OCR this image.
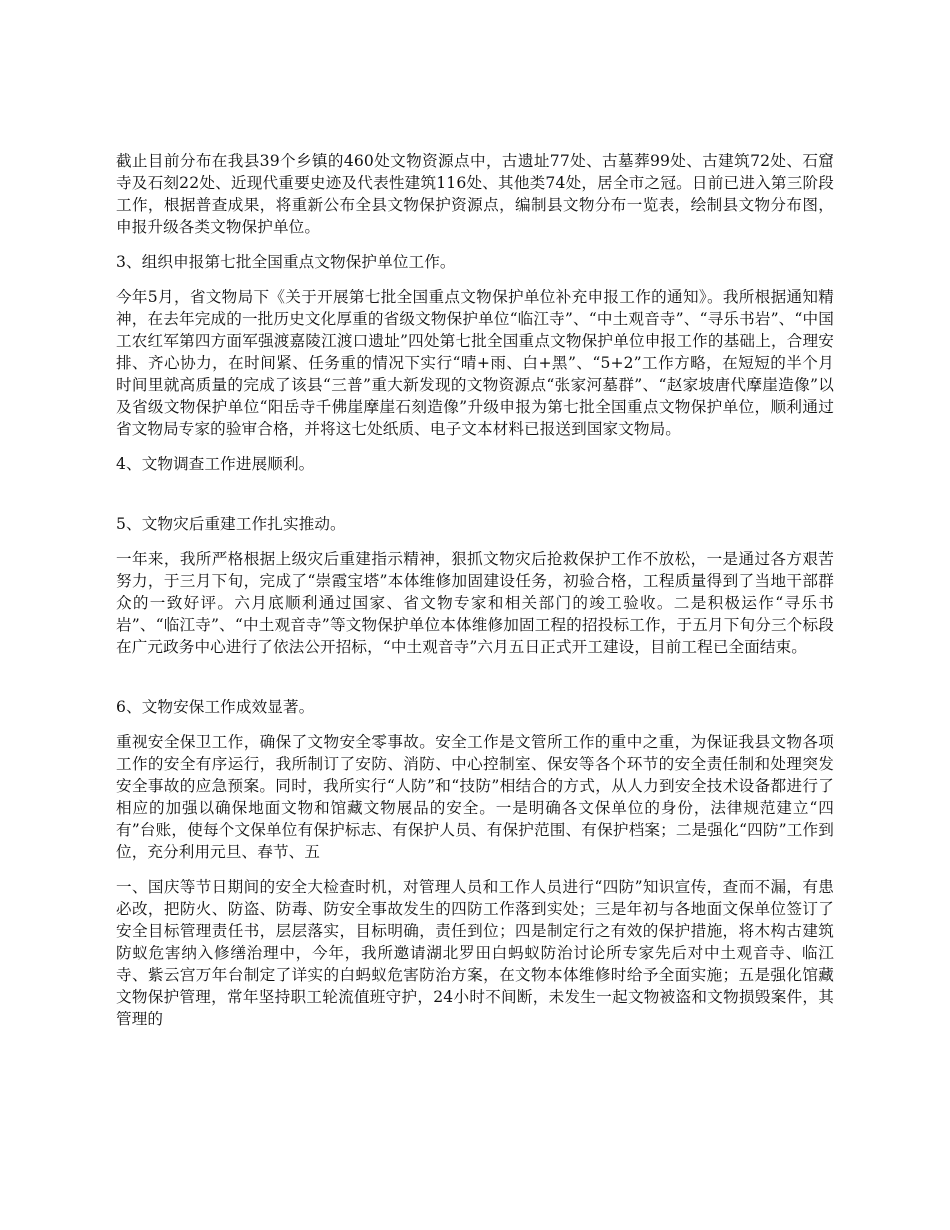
截止目前分布在我县39个乡镇的460处文物资源点中，古遗址77处、古墓葬99处、古建筑72处、石窟寺及石刻22处、近现代重要史迹及代表性建筑116处、其他类74处，居全市之冠。日前已进入第三阶段工作，根据普查成果，将重新公布全县文物保护资源点，编制县文物分布一览表，绘制县文物分布图，申报升级各类文物保护单位。

3、组织申报第七批全国重点文物保护单位工作。

今年5月，省文物局下《关于开展第七批全国重点文物保护单位补充申报工作的通知》。我所根据通知精神，在去年完成的一批历史文化厚重的省级文物保护单位“临江寺”、“中土观音寺”、“寻乐书岩”、“中国工农红军第四方面军强渡嘉陵江渡口遗址”四处第七批全国重点文物保护单位申报工作的基础上，合理安排、齐心协力，在时间紧、任务重的情况下实行“晴+雨、白+黑”、“5+2”工作方略，在短短的半个月时间里就高质量的完成了该县“三普”重大新发现的文物资源点“张家河墓群”、“赵家坡唐代摩崖造像”以及省级文物保护单位“阳岳寺千佛崖摩崖石刻造像”升级申报为第七批全国重点文物保护单位，顺利通过省文物局专家的验审合格，并将这七处纸质、电子文本材料已报送到国家文物局。

4、文物调查工作进展顺利。

5、文物灾后重建工作扎实推动。

一年来，我所严格根据上级灾后重建指示精神，狠抓文物灾后抢救保护工作不放松，一是通过各方艰苦努力，于三月下旬，完成了“崇霞宝塔”本体维修加固建设任务，初验合格，工程质量得到了当地干部群众的一致好评。六月底顺利通过国家、省文物专家和相关部门的竣工验收。二是积极运作“寻乐书岩”、“临江寺”、“中土观音寺”等文物保护单位本体维修加固工程的招投标工作，于五月下旬分三个标段在广元政务中心进行了依法公开招标，“中土观音寺”六月五日正式开工建设，目前工程已全面结束。

6、文物安保工作成效显著。

重视安全保卫工作，确保了文物安全零事故。安全工作是文管所工作的重中之重，为保证我县文物各项工作的安全有序运行，我所制订了安防、消防、中心控制室、保安等各个环节的安全责任制和处理突发安全事故的应急预案。同时，我所实行“人防”和“技防”相结合的方式，从人力到安全技术设备都进行了相应的加强以确保地面文物和馆藏文物展品的安全。一是明确各文保单位的身份，法律规范建立“四有”台账，使每个文保单位有保护标志、有保护人员、有保护范围、有保护档案；二是强化“四防”工作到位，充分利用元旦、春节、五

一、国庆等节日期间的安全大检查时机，对管理人员和工作人员进行“四防”知识宣传，查而不漏，有患必改，把防火、防盗、防毒、防安全事故发生的四防工作落到实处；三是年初与各地面文保单位签订了安全目标管理责任书，层层落实，目标明确，责任到位；四是制定行之有效的保护措施，将木构古建筑防蚁危害纳入修缮治理中，今年，我所邀请湖北罗田白蚂蚁防治讨论所专家先后对中土观音寺、临江寺、紫云宫万年台制定了详实的白蚂蚁危害防治方案，在文物本体维修时给予全面实施；五是强化馆藏文物保护管理，常年坚持职工轮流值班守护，24小时不间断，未发生一起文物被盗和文物损毁案件，其管理的
